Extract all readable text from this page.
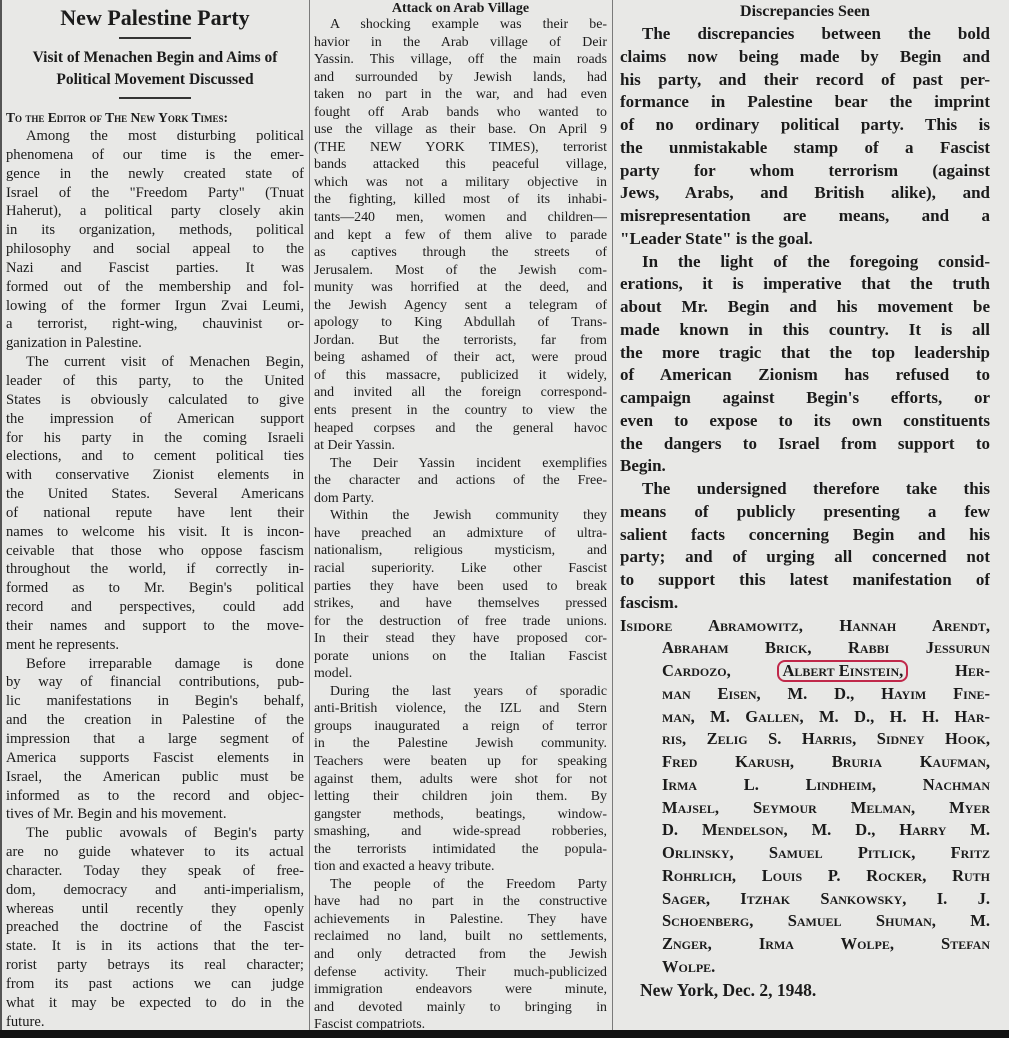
New Palestine Party
Visit of Menachen Begin and Aims of
Political Movement Discussed
To the Editor of The New York Times:
Among the most disturbing political
phenomena of our time is the emer-
gence in the newly created state of
Israel of the "Freedom Party" (Tnuat
Haherut), a political party closely akin
in its organization, methods, political
philosophy and social appeal to the
Nazi and Fascist parties. It was
formed out of the membership and fol-
lowing of the former Irgun Zvai Leumi,
a terrorist, right-wing, chauvinist or-
ganization in Palestine.
The current visit of Menachen Begin,
leader of this party, to the United
States is obviously calculated to give
the impression of American support
for his party in the coming Israeli
elections, and to cement political ties
with conservative Zionist elements in
the United States. Several Americans
of national repute have lent their
names to welcome his visit. It is incon-
ceivable that those who oppose fascism
throughout the world, if correctly in-
formed as to Mr. Begin's political
record and perspectives, could add
their names and support to the move-
ment he represents.
Before irreparable damage is done
by way of financial contributions, pub-
lic manifestations in Begin's behalf,
and the creation in Palestine of the
impression that a large segment of
America supports Fascist elements in
Israel, the American public must be
informed as to the record and objec-
tives of Mr. Begin and his movement.
The public avowals of Begin's party
are no guide whatever to its actual
character. Today they speak of free-
dom, democracy and anti-imperialism,
whereas until recently they openly
preached the doctrine of the Fascist
state. It is in its actions that the ter-
rorist party betrays its real character;
from its past actions we can judge
what it may be expected to do in the
future.
Attack on Arab Village
A shocking example was their be-
havior in the Arab village of Deir
Yassin. This village, off the main roads
and surrounded by Jewish lands, had
taken no part in the war, and had even
fought off Arab bands who wanted to
use the village as their base. On April 9
(THE NEW YORK TIMES), terrorist
bands attacked this peaceful village,
which was not a military objective in
the fighting, killed most of its inhabi-
tants—240 men, women and children—
and kept a few of them alive to parade
as captives through the streets of
Jerusalem. Most of the Jewish com-
munity was horrified at the deed, and
the Jewish Agency sent a telegram of
apology to King Abdullah of Trans-
Jordan. But the terrorists, far from
being ashamed of their act, were proud
of this massacre, publicized it widely,
and invited all the foreign correspond-
ents present in the country to view the
heaped corpses and the general havoc
at Deir Yassin.
The Deir Yassin incident exemplifies
the character and actions of the Free-
dom Party.
Within the Jewish community they
have preached an admixture of ultra-
nationalism, religious mysticism, and
racial superiority. Like other Fascist
parties they have been used to break
strikes, and have themselves pressed
for the destruction of free trade unions.
In their stead they have proposed cor-
porate unions on the Italian Fascist
model.
During the last years of sporadic
anti-British violence, the IZL and Stern
groups inaugurated a reign of terror
in the Palestine Jewish community.
Teachers were beaten up for speaking
against them, adults were shot for not
letting their children join them. By
gangster methods, beatings, window-
smashing, and wide-spread robberies,
the terrorists intimidated the popula-
tion and exacted a heavy tribute.
The people of the Freedom Party
have had no part in the constructive
achievements in Palestine. They have
reclaimed no land, built no settlements,
and only detracted from the Jewish
defense activity. Their much-publicized
immigration endeavors were minute,
and devoted mainly to bringing in
Fascist compatriots.
Discrepancies Seen
The discrepancies between the bold
claims now being made by Begin and
his party, and their record of past per-
formance in Palestine bear the imprint
of no ordinary political party. This is
the unmistakable stamp of a Fascist
party for whom terrorism (against
Jews, Arabs, and British alike), and
misrepresentation are means, and a
"Leader State" is the goal.
In the light of the foregoing consid-
erations, it is imperative that the truth
about Mr. Begin and his movement be
made known in this country. It is all
the more tragic that the top leadership
of American Zionism has refused to
campaign against Begin's efforts, or
even to expose to its own constituents
the dangers to Israel from support to
Begin.
The undersigned therefore take this
means of publicly presenting a few
salient facts concerning Begin and his
party; and of urging all concerned not
to support this latest manifestation of
fascism.
Isidore Abramowitz, Hannah Arendt,
Abraham Brick, Rabbi Jessurun
Cardozo,	Albert Einstein,	Her-
man Eisen, M. D., Hayim Fine-
man, M. Gallen, M. D., H. H. Har-
ris, Zelig S. Harris, Sidney Hook,
Fred Karush, Bruria Kaufman,
Irma L. Lindheim, Nachman
Majsel, Seymour Melman, Myer
D. Mendelson, M. D., Harry M.
Orlinsky, Samuel Pitlick, Fritz
Rohrlich, Louis P. Rocker, Ruth
Sager, Itzhak Sankowsky, I. J.
Schoenberg, Samuel Shuman, M.
Znger, Irma Wolpe, Stefan
Wolpe.
New York, Dec. 2, 1948.
